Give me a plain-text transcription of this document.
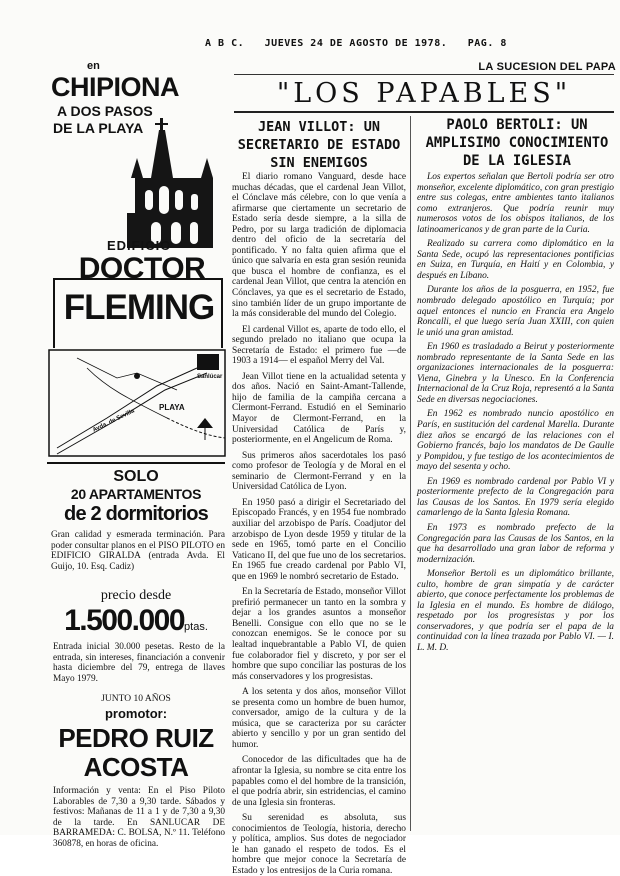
A B C. JUEVES 24 DE AGOSTO DE 1978. PAG. 8
en
CHIPIONA
A DOS PASOS
DE LA PLAYA
EDIFICIO
DOCTOR
FLEMING
PLAYA
Avda. de Sevilla
Sanlúcar
SOLO
20 APARTAMENTOS
de 2 dormitorios
Gran calidad y esmerada terminación. Para poder consultar planos en el PISO PILOTO en EDIFICIO GIRALDA (entrada Avda. El Guijo, 10. Esq. Cadiz)
precio desde
1.500.000ptas.
Entrada inicial 30.000 pesetas. Resto de la entrada, sin intereses, financiación a convenir hasta diciembre del 79, entrega de llaves Mayo 1979.
JUNTO 10 AÑOS
promotor:
PEDRO RUIZ
ACOSTA
Información y venta: En el Piso Piloto Laborables de 7,30 a 9,30 tarde. Sábados y festivos: Mañanas de 11 a 1 y de 7,30 a 9,30 de la tarde. En SANLUCAR DE BARRAMEDA: C. BOLSA, N.º 11. Teléfono 360878, en horas de oficina.
LA SUCESION DEL PAPA
"LOS PAPABLES"
JEAN VILLOT: UN SECRETARIO DE ESTADO SIN ENEMIGOS

El diario romano Vanguard, desde hace muchas décadas, que el cardenal Jean Villot, el Cónclave más célebre, con lo que venía a afirmarse que ciertamente un secretario de Estado sería desde siempre, a la silla de Pedro, por su larga tradición de diplomacia dentro del oficio de la secretaría del pontificado. Y no falta quien afirma que el único que salvaría en esta gran sesión reunida que busca el hombre de confianza, es el cardenal Jean Villot, que centra la atención en Cónclaves, ya que es el secretario de Estado, sino también líder de un grupo importante de la más considerable del mundo del Colegio.

El cardenal Villot es, aparte de todo ello, el segundo prelado no italiano que ocupa la Secretaría de Estado: el primero fue —de 1903 a 1914— el español Merry del Val.

Jean Villot tiene en la actualidad setenta y dos años. Nació en Saint-Amant-Tallende, hijo de familia de la campiña cercana a Clermont-Ferrand. Estudió en el Seminario Mayor de Clermont-Ferrand, en la Universidad Católica de París y, posteriormente, en el Angelicum de Roma.

Sus primeros años sacerdotales los pasó como profesor de Teología y de Moral en el seminario de Clermont-Ferrand y en la Universidad Católica de Lyon.

En 1950 pasó a dirigir el Secretariado del Episcopado Francés, y en 1954 fue nombrado auxiliar del arzobispo de París. Coadjutor del arzobispo de Lyon desde 1959 y titular de la sede en 1965, tomó parte en el Concilio Vaticano II, del que fue uno de los secretarios. En 1965 fue creado cardenal por Pablo VI, que en 1969 le nombró secretario de Estado.

En la Secretaría de Estado, monseñor Villot prefirió permanecer un tanto en la sombra y dejar a los grandes asuntos a monseñor Benelli. Consigue con ello que no se le conozcan enemigos. Se le conoce por su lealtad inquebrantable a Pablo VI, de quien fue colaborador fiel y discreto, y por ser el hombre que supo conciliar las posturas de los más conservadores y los progresistas.

A los setenta y dos años, monseñor Villot se presenta como un hombre de buen humor, conversador, amigo de la cultura y de la música, que se caracteriza por su carácter abierto y sencillo y por un gran sentido del humor.

Conocedor de las dificultades que ha de afrontar la Iglesia, su nombre se cita entre los papables como el del hombre de la transición, el que podría abrir, sin estridencias, el camino de una Iglesia sin fronteras.

Su serenidad es absoluta, sus conocimientos de Teología, historia, derecho y política, amplios. Sus dotes de negociador le han ganado el respeto de todos. Es el hombre que mejor conoce la Secretaría de Estado y los entresijos de la Curia romana.

PAOLO BERTOLI: UN AMPLISIMO CONOCIMIENTO DE LA IGLESIA

Los expertos señalan que Bertoli podría ser otro monseñor, excelente diplomático, con gran prestigio entre sus colegas, entre ambientes tanto italianos como extranjeros. Que podría reunir muy numerosos votos de los obispos italianos, de los latinoamericanos y de gran parte de la Curia.

Realizado su carrera como diplomático en la Santa Sede, ocupó las representaciones pontificias en Suiza, en Turquía, en Haití y en Colombia, y después en Líbano.

Durante los años de la posguerra, en 1952, fue nombrado delegado apostólico en Turquía; por aquel entonces el nuncio en Francia era Angelo Roncalli, el que luego sería Juan XXIII, con quien le unió una gran amistad.

En 1960 es trasladado a Beirut y posteriormente nombrado representante de la Santa Sede en las organizaciones internacionales de la posguerra: Viena, Ginebra y la Unesco. En la Conferencia Internacional de la Cruz Roja, representó a la Santa Sede en diversas negociaciones.

En 1962 es nombrado nuncio apostólico en París, en sustitución del cardenal Marella. Durante diez años se encargó de las relaciones con el Gobierno francés, bajo los mandatos de De Gaulle y Pompidou, y fue testigo de los acontecimientos de mayo del sesenta y ocho.

En 1969 es nombrado cardenal por Pablo VI y posteriormente prefecto de la Congregación para las Causas de los Santos. En 1979 sería elegido camarlengo de la Santa Iglesia Romana.

En 1973 es nombrado prefecto de la Congregación para las Causas de los Santos, en la que ha desarrollado una gran labor de reforma y modernización.

Monseñor Bertoli es un diplomático brillante, culto, hombre de gran simpatía y de carácter abierto, que conoce perfectamente los problemas de la Iglesia en el mundo. Es hombre de diálogo, respetado por los progresistas y por los conservadores, y que podría ser el papa de la continuidad con la línea trazada por Pablo VI. — I. L. M. D.
